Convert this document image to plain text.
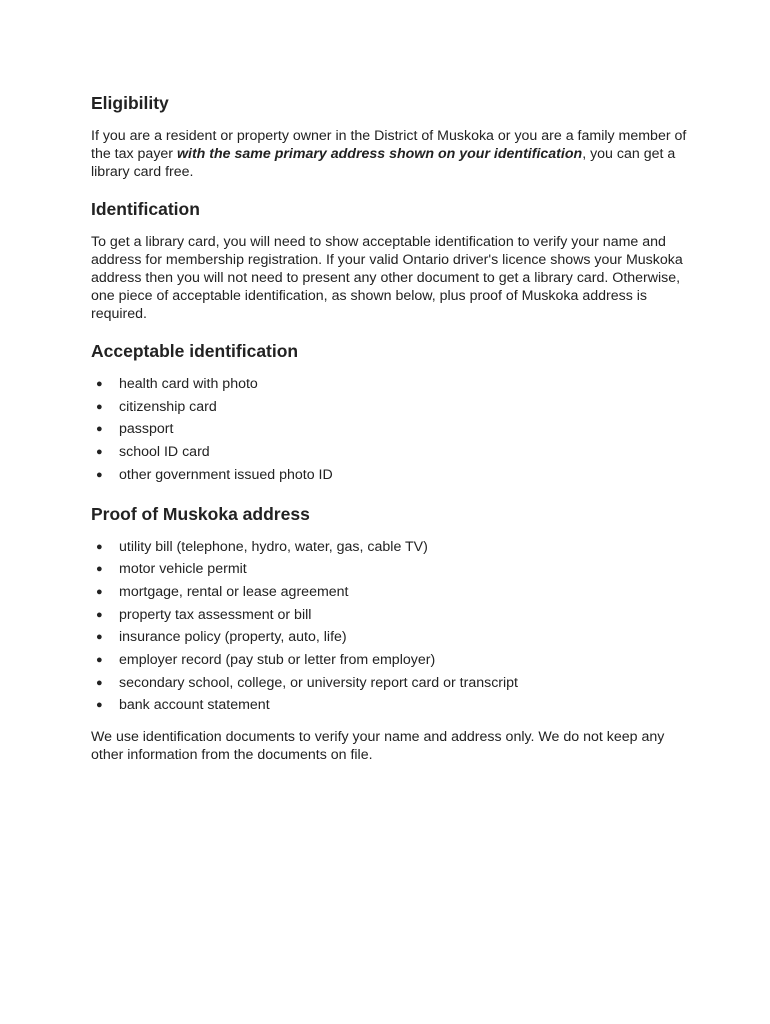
Eligibility

If you are a resident or property owner in the District of Muskoka or you are a family member of the tax payer with the same primary address shown on your identification, you can get a library card free.

Identification

To get a library card, you will need to show acceptable identification to verify your name and address for membership registration. If your valid Ontario driver's licence shows your Muskoka address then you will not need to present any other document to get a library card. Otherwise, one piece of acceptable identification, as shown below, plus proof of Muskoka address is required.

Acceptable identification
● health card with photo
● citizenship card
● passport
● school ID card
● other government issued photo ID
Proof of Muskoka address
● utility bill (telephone, hydro, water, gas, cable TV)
● motor vehicle permit
● mortgage, rental or lease agreement
● property tax assessment or bill
● insurance policy (property, auto, life)
● employer record (pay stub or letter from employer)
● secondary school, college, or university report card or transcript
● bank account statement

We use identification documents to verify your name and address only. We do not keep any other information from the documents on file.
